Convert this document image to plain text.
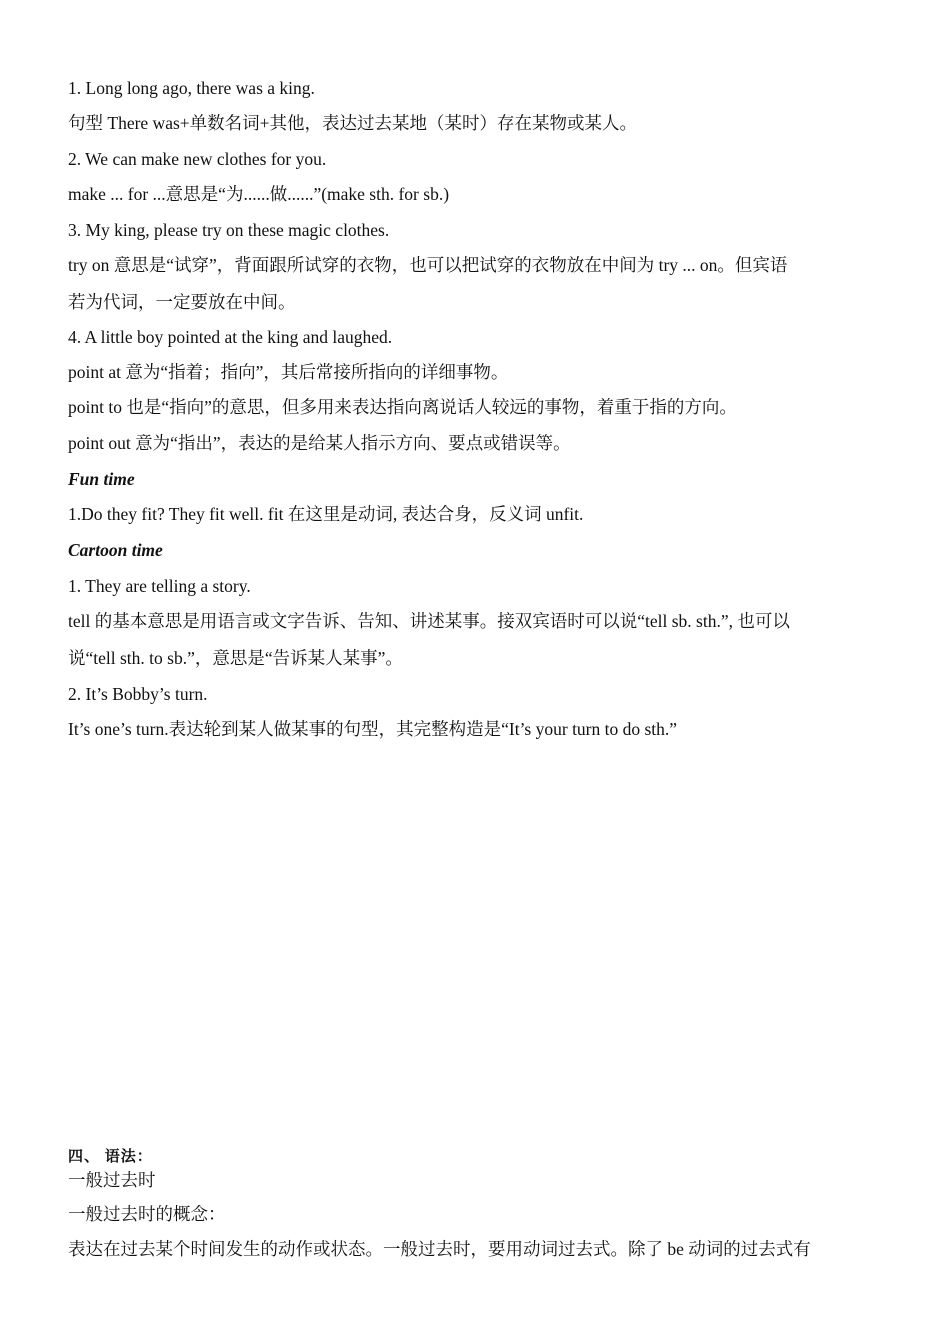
1. Long long ago, there was a king.
句型 There was+单数名词+其他，表达过去某地（某时）存在某物或某人。
2. We can make new clothes for you.
make ... for ...意思是“为......做......”(make sth. for sb.)
3. My king, please try on these magic clothes.
try on 意思是“试穿”，背面跟所试穿的衣物，也可以把试穿的衣物放在中间为 try ... on。但宾语
若为代词，一定要放在中间。
4. A little boy pointed at the king and laughed.
point at 意为“指着；指向”，其后常接所指向的详细事物。
point to 也是“指向”的意思，但多用来表达指向离说话人较远的事物，着重于指的方向。
point out 意为“指出”，表达的是给某人指示方向、要点或错误等。
Fun time
1.Do they fit? They fit well. fit 在这里是动词, 表达合身，反义词 unfit.
Cartoon time
1. They are telling a story.
tell 的基本意思是用语言或文字告诉、告知、讲述某事。接双宾语时可以说“tell sb. sth.”, 也可以
说“tell sth. to sb.”，意思是“告诉某人某事”。
2. It’s Bobby’s turn.
It’s one’s turn.表达轮到某人做某事的句型，其完整构造是“It’s your turn to do sth.”
四、 语法：
一般过去时
一般过去时的概念：
表达在过去某个时间发生的动作或状态。一般过去时，要用动词过去式。除了 be 动词的过去式有
